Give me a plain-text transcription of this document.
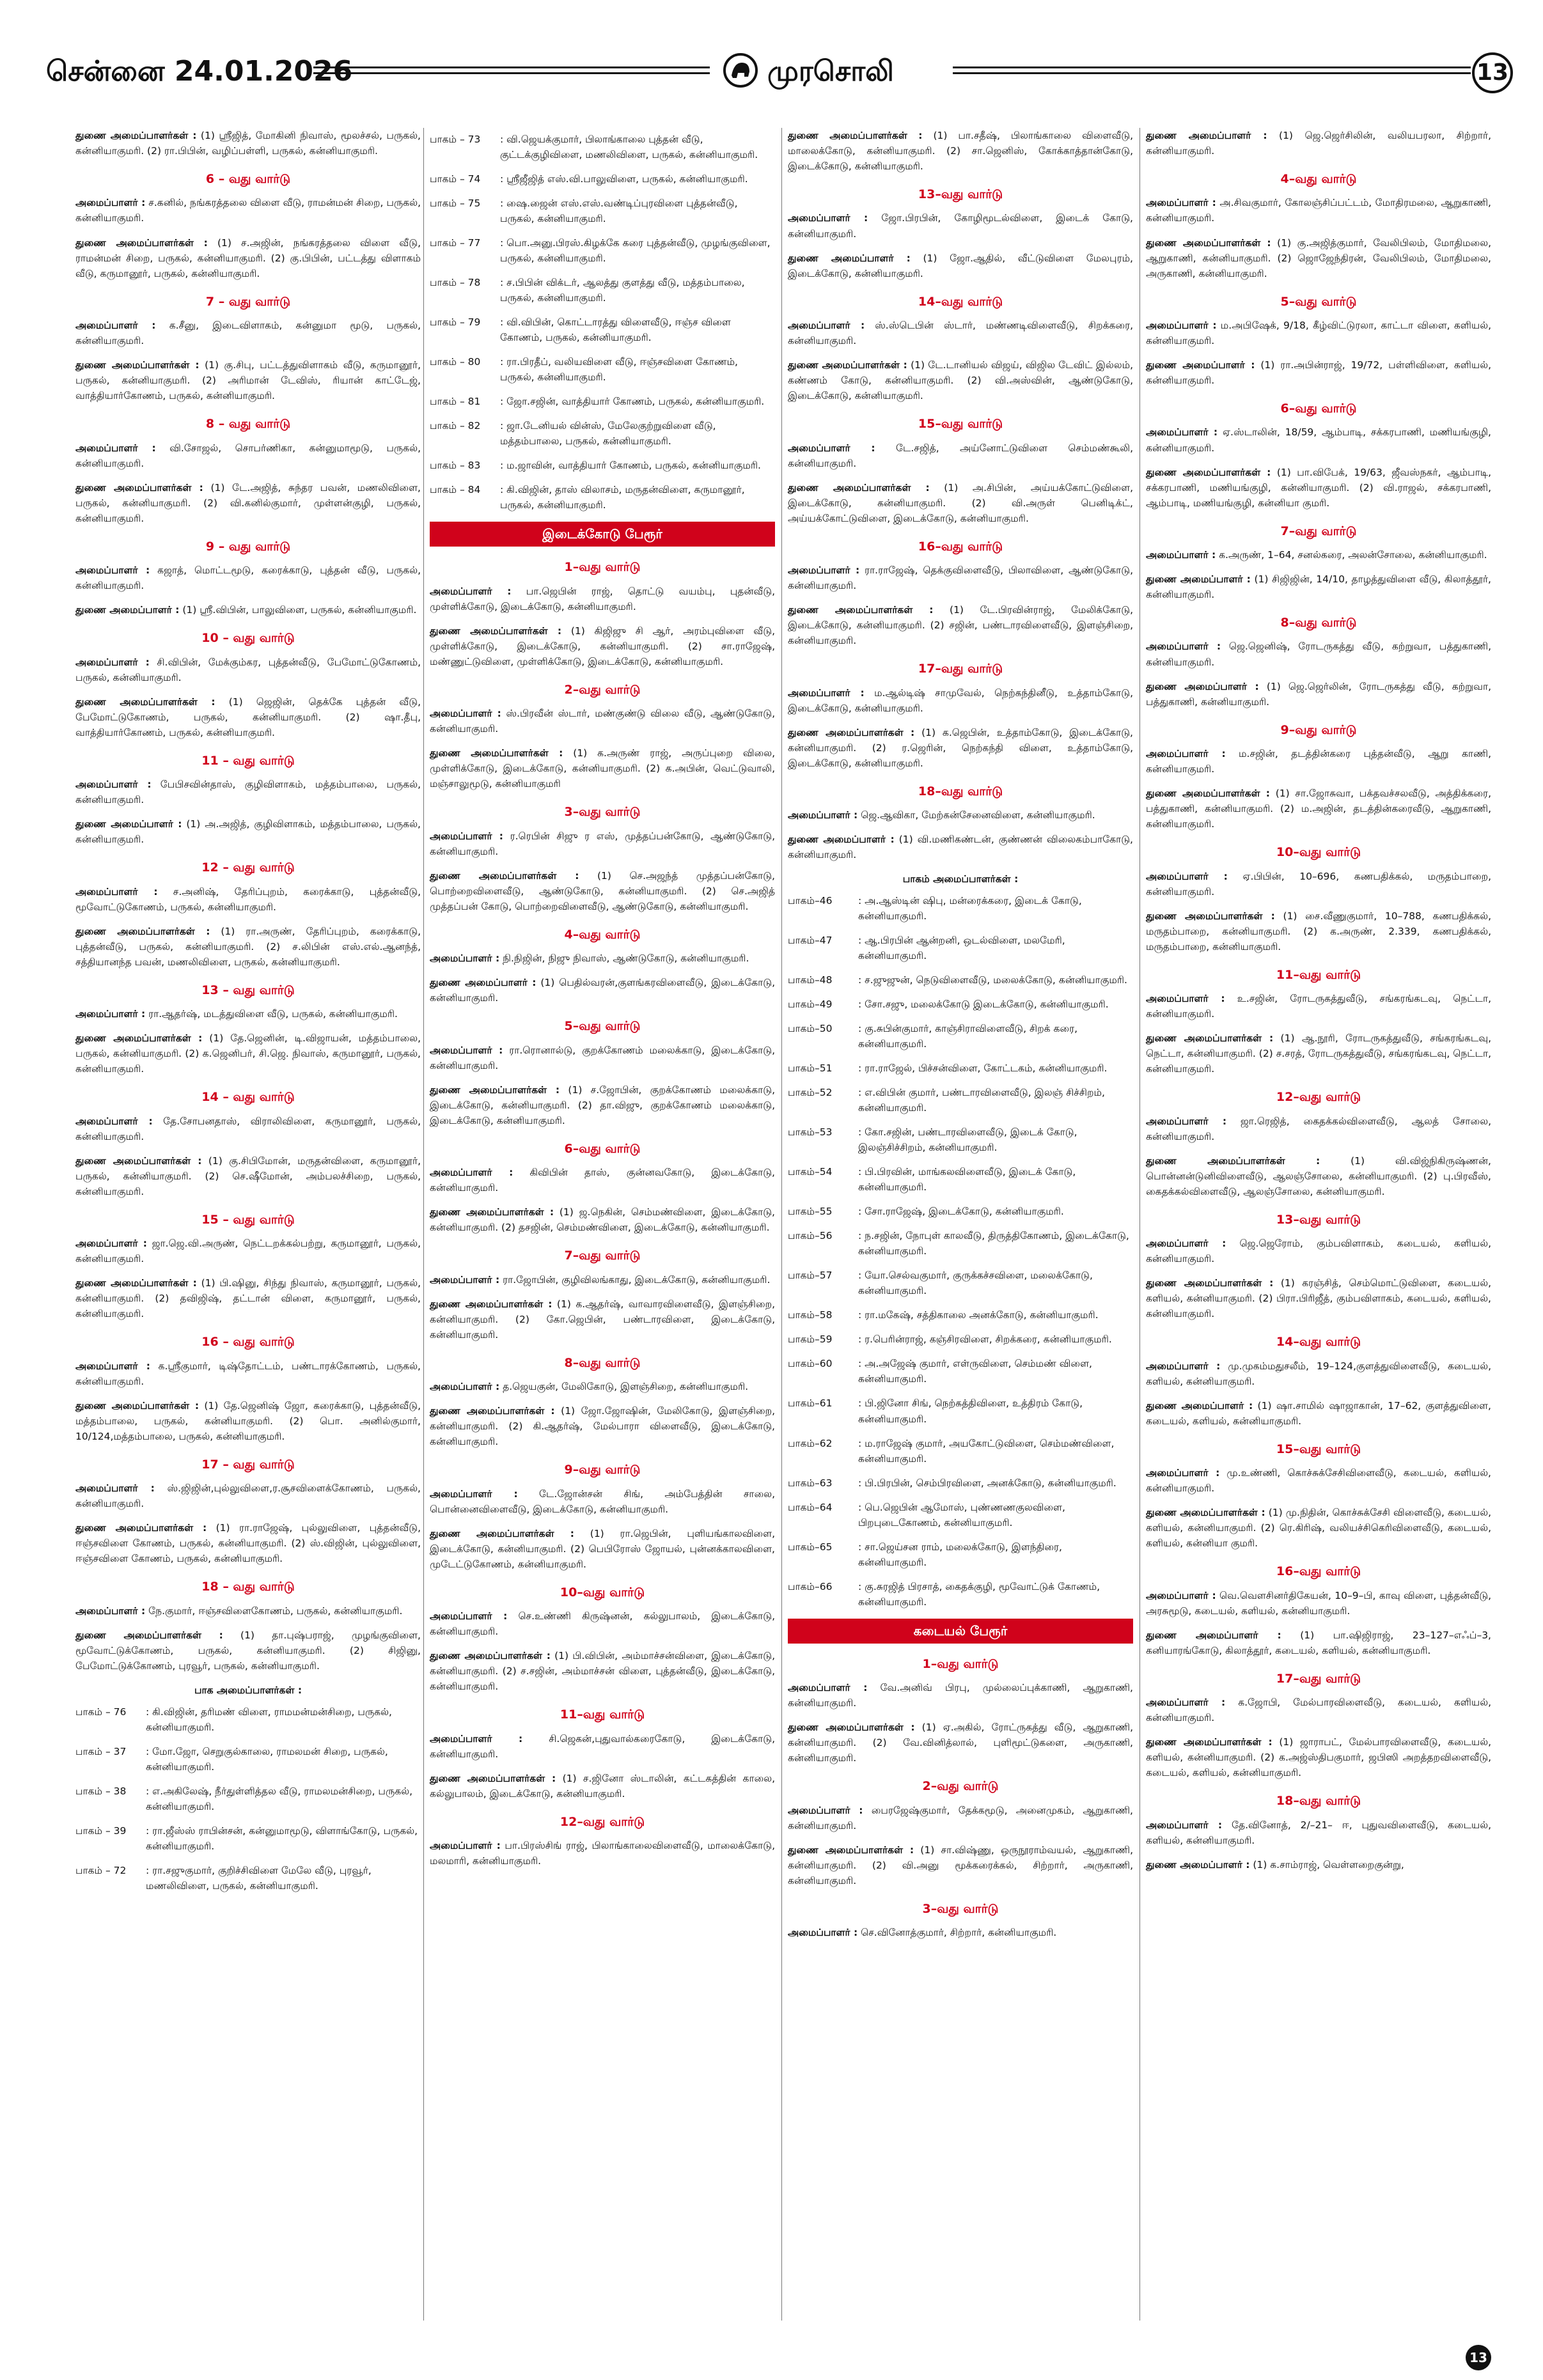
சென்னை 24.01.2026	முரசொலி	13
துணை அமைப்பாளர்கள் : (1) ஸ்ரீஜித், மோகினி நிவாஸ், மூலச்சல், பருகல், கன்னியாகுமரி. (2) ரா.பிபின், வழிப்பள்ளி, பருகல், கன்னியாகுமரி.
6 – வது வார்டு
அமைப்பாளர் : ச.கனில், நங்கரத்தலை விளை வீடு, ராமன்மன் சிறை, பருகல், கன்னியாகுமரி.
துணை அமைப்பாளர்கள் : (1) ச.அஜின், நங்கரத்தலை விளை வீடு, ராமன்மன் சிறை, பருகல், கன்னியாகுமரி. (2) கு.பிபின், பட்டத்து விளாகம் வீடு, கருமானூர், பருகல், கன்னியாகுமரி.
7 – வது வார்டு
அமைப்பாளர் : க.சீனு, இடைவிளாகம், கன்னுமா மூடு, பருகல், கன்னியாகுமரி.
துணை அமைப்பாளர்கள் : (1) கு.சிபு, பட்டத்துவிளாகம் வீடு, கருமானூர், பருகல், கன்னியாகுமரி. (2) அரிமான் டேவிஸ், ரியான் காட்டேஜ், வாத்தியார்கோணம், பருகல், கன்னியாகுமரி.
8 – வது வார்டு
அமைப்பாளர் : வி.சோஜல், சொபர்ணிகா, கன்னுமாமூடு, பருகல், கன்னியாகுமரி.
துணை அமைப்பாளர்கள் : (1) டே.அஜித், சுந்தர பவன், மணலிவிளை, பருகல், கன்னியாகுமரி. (2) வி.கனில்குமார், முள்ளன்குழி, பருகல், கன்னியாகுமரி.
9 – வது வார்டு
அமைப்பாளர் : கஜாத், மொட்டமூடு, கரைக்காடு, புத்தன் வீடு, பருகல், கன்னியாகுமரி.
துணை அமைப்பாளர் : (1) ஸ்ரீ.விபின், பாலுவிளை, பருகல், கன்னியாகுமரி.
10 – வது வார்டு
அமைப்பாளர் : சி.விபின், மேக்கும்கர, புத்தன்வீடு, பேமோட்டுகோணம், பருகல், கன்னியாகுமரி.
துணை அமைப்பாளர்கள் : (1) ஜெஜின், தெக்கே புத்தன் வீடு, பேமோட்டுகோணம், பருகல், கன்னியாகுமரி. (2) ஷா.தீபு, வாத்தியார்கோணம், பருகல், கன்னியாகுமரி.
11 – வது வார்டு
அமைப்பாளர் : பேபிசவின்தாஸ், குழிவிளாகம், மத்தம்பாலை, பருகல், கன்னியாகுமரி.
துணை அமைப்பாளர் : (1) அ.அஜித், குழிவிளாகம், மத்தம்பாலை, பருகல், கன்னியாகுமரி.
12 – வது வார்டு
அமைப்பாளர் : ச.அனிஷ், தேரிப்புறம், கரைக்காடு, புத்தன்வீடு, மூவோட்டுகோணம், பருகல், கன்னியாகுமரி.
துணை அமைப்பாளர்கள் : (1) ரா.அருண், தேரிப்புறம், கரைக்காடு, புத்தன்வீடு, பருகல், கன்னியாகுமரி. (2) ச.லிபின் எஸ்.எல்.ஆனந்த், சத்தியானந்த பவன், மணலிவிளை, பருகல், கன்னியாகுமரி.
13 – வது வார்டு
அமைப்பாளர் : ரா.ஆதர்ஷ், மடத்துவிளை வீடு, பருகல், கன்னியாகுமரி.
துணை அமைப்பாளர்கள் : (1) தே.ஜெனின், டி.விஜாயன், மத்தம்பாலை, பருகல், கன்னியாகுமரி. (2) க.ஜெனிபர், சி.ஜெ. நிவாஸ், கருமானூர், பருகல், கன்னியாகுமரி.
14 – வது வார்டு
அமைப்பாளர் : தே.சோபனதாஸ், விராலிவிளை, கருமானூர், பருகல், கன்னியாகுமரி.
துணை அமைப்பாளர்கள் : (1) கு.சிபிமோன், மருதன்விளை, கருமானூர், பருகல், கன்னியாகுமரி. (2) செ.ஷீமோன், அம்பலச்சிறை, பருகல், கன்னியாகுமரி.
15 – வது வார்டு
அமைப்பாளர் : ஜா.ஜெ.வி.அருண், நெட்டறக்கல்பற்று, கருமானூர், பருகல், கன்னியாகுமரி.
துணை அமைப்பாளர்கள் : (1) பி.ஷினு, சிந்து நிவாஸ், கருமானூர், பருகல், கன்னியாகுமரி. (2) தவிஜிஷ், தட்டான் விளை, கருமானூர், பருகல், கன்னியாகுமரி.
16 – வது வார்டு
அமைப்பாளர் : க.ஸ்ரீகுமார், டிஷ்தோட்டம், பண்டாரக்கோணம், பருகல், கன்னியாகுமரி.
துணை அமைப்பாளர்கள் : (1) தே.ஜெனிஷ் ஜோ, கரைக்காடு, புத்தன்வீடு, மத்தம்பாலை, பருகல், கன்னியாகுமரி. (2) பொ. அனில்குமார், 10/124,மத்தம்பாலை, பருகல், கன்னியாகுமரி.
17 – வது வார்டு
அமைப்பாளர் : ஸ்.ஜிஜின்,புல்லுவிளை,ர.சூசவிளைக்கோணம், பருகல், கன்னியாகுமரி.
துணை அமைப்பாளர்கள் : (1) ரா.ராஜேஷ், புல்லுவிளை, புத்தன்வீடு, ஈஞ்சவிளை கோணம், பருகல், கன்னியாகுமரி. (2) ஸ்.விஜின், புல்லுவிளை, ஈஞ்சவிளை கோணம், பருகல், கன்னியாகுமரி.
18 – வது வார்டு
அமைப்பாளர் : நே.குமார், ஈஞ்சவிளைகோணம், பருகல், கன்னியாகுமரி.
துணை அமைப்பாளர்கள் : (1) தா.புஷ்பராஜ், முழங்குவிளை, மூவோட்டுக்கோணம், பருகல், கன்னியாகுமரி. (2) சிஜினு, பேமோட்டுக்கோணம், புரவூர், பருகல், கன்னியாகுமரி.
பாக அமைப்பாளர்கள் :
பாகம் – 76	: கி.விஜின், தரிமண் விளை, ராமமன்மன்சிறை, பருகல், கன்னியாகுமரி.
பாகம் – 37	: மோ.ஜோ, செறுகுல்காலை, ராமலமன் சிறை, பருகல், கன்னியாகுமரி.
பாகம் – 38	: எ.அகிலேஷ், நீர்துள்ளித்தல வீடு, ராமலமன்சிறை, பருகல், கன்னியாகுமரி.
பாகம் – 39	: ரா.ஜீஸ்ஸ் ராபின்சன், கன்னுமாமூடு, விளாங்கோடு, பருகல், கன்னியாகுமரி.
பாகம் – 72	: ரா.சஜுகுமார், குறிச்சிவிளை மேலே வீடு, புரவூர், மணலிவிளை, பருகல், கன்னியாகுமரி.
பாகம் – 73	: வி.ஜெயக்குமார், பிலாங்காலை புத்தன் வீடு, குட்டக்குழிவிளை, மணலிவிளை, பருகல், கன்னியாகுமரி.
பாகம் – 74	: ஸ்ரீஜீஜித் எஸ்.வி.பாலுவிளை, பருகல், கன்னியாகுமரி.
பாகம் – 75	: ஷை.ஜைன் எஸ்.எஸ்.வண்டிப்புரவிளை புத்தன்வீடு, பருகல், கன்னியாகுமரி.
பாகம் – 77	: பொ.அனு.பிரஸ்.கிழக்கே கரை புத்தன்வீடு, முழங்குவிளை, பருகல், கன்னியாகுமரி.
பாகம் – 78	: ச.பிபின் விக்டர், ஆலத்து குளத்து வீடு, மத்தம்பாலை, பருகல், கன்னியாகுமரி.
பாகம் – 79	: வி.விபின், கொட்டாரத்து விளைவீடு, ஈஞ்ச விளை கோணம், பருகல், கன்னியாகுமரி.
பாகம் – 80	: ரா.பிரதீப், வலியவிளை வீடு, ஈஞ்சவிளை கோணம், பருகல், கன்னியாகுமரி.
பாகம் – 81	: ஜோ.சஜின், வாத்தியார் கோணம், பருகல், கன்னியாகுமரி.
பாகம் – 82	: ஜா.டேனியல் வின்ஸ், மேலேகுற்றுவிளை வீடு, மத்தம்பாலை, பருகல், கன்னியாகுமரி.
பாகம் – 83	: ம.ஜாவின், வாத்தியார் கோணம், பருகல், கன்னியாகுமரி.
பாகம் – 84	: கி.விஜின், தாஸ் விலாசம், மருதன்விளை, கருமானூர், பருகல், கன்னியாகுமரி.
இடைக்கோடு பேரூர்
1–வது வார்டு
அமைப்பாளர் : பா.ஜெபின் ராஜ், தொட்டு வயம்பு, புதன்வீடு, முள்ளிக்கோடு, இடைக்கோடு, கன்னியாகுமரி.
துணை அமைப்பாளர்கள் : (1) கிஜிஜு சி ஆர், அரம்புவிளை வீடு, முள்ளிக்கோடு, இடைக்கோடு, கன்னியாகுமரி. (2) சா.ராஜேஷ், மண்ணுட்டுவிளை, முள்ளிக்கோடு, இடைக்கோடு, கன்னியாகுமரி.
2–வது வார்டு
அமைப்பாளர் : ஸ்.பிரவீன் ஸ்டார், மண்குண்டு விலை வீடு, ஆண்டுகோடு, கன்னியாகுமரி.
துணை அமைப்பாளர்கள் : (1) க.அருண் ராஜ், அருப்புறை விலை, முள்ளிக்கோடு, இடைக்கோடு, கன்னியாகுமரி. (2) க.அபின், வெட்டுவாலி, மஞ்சாலுமூடு, கன்னியாகுமரி
3–வது வார்டு
அமைப்பாளர் : ர.ரெபின் சிஜு ர எஸ், முத்தப்பன்கோடு, ஆண்டுகோடு, கன்னியாகுமரி.
துணை அமைப்பாளர்கள் : (1) செ.அஜந்த் முத்தப்பன்கோடு, பொற்றைவிளைவீடு, ஆண்டுகோடு, கன்னியாகுமரி. (2) செ.அஜித் முத்தப்பன் கோடு, பொற்றைவிளைவீடு, ஆண்டுகோடு, கன்னியாகுமரி.
4–வது வார்டு
அமைப்பாளர் : நி.நிஜின், நிஜு நிவாஸ், ஆண்டுகோடு, கன்னியாகுமரி.
துணை அமைப்பாளர் : (1) பெதில்வரன்,குளங்கரவிளைவீடு, இடைக்கோடு, கன்னியாகுமரி.
5–வது வார்டு
அமைப்பாளர் : ரா.ரொனால்டு, குறக்கோணம் மலைக்காடு, இடைக்கோடு, கன்னியாகுமரி.
துணை அமைப்பாளர்கள் : (1) ச.ஜோபின், குறக்கோணம் மலைக்காடு, இடைக்கோடு, கன்னியாகுமரி. (2) தா.விஜு, குறக்கோணம் மலைக்காடு, இடைக்கோடு, கன்னியாகுமரி.
6–வது வார்டு
அமைப்பாளர் : கிவிபின் தாஸ், குன்னவகோடு, இடைக்கோடு, கன்னியாகுமரி.
துணை அமைப்பாளர்கள் : (1) ஜ.நெகின், செம்மண்விளை, இடைக்கோடு, கன்னியாகுமரி. (2) தசஜின், செம்மண்விளை, இடைக்கோடு, கன்னியாகுமரி.
7–வது வார்டு
அமைப்பாளர் : ரா.ஜோபின், குழிவிலங்காது, இடைக்கோடு, கன்னியாகுமரி.
துணை அமைப்பாளர்கள் : (1) க.ஆதர்ஷ், வாவாரவிளைவீடு, இளஞ்சிறை, கன்னியாகுமரி. (2) கோ.ஜெபின், பண்டாரவிளை, இடைக்கோடு, கன்னியாகுமரி.
8–வது வார்டு
அமைப்பாளர் : த.ஜெயகுன், மேலிகோடு, இளஞ்சிறை, கன்னியாகுமரி.
துணை அமைப்பாளர்கள் : (1) ஜோ.ஜோஷின், மேலிகோடு, இளஞ்சிறை, கன்னியாகுமரி. (2) கி.ஆதர்ஷ், மேல்பாரா விளைவீடு, இடைக்கோடு, கன்னியாகுமரி.
9–வது வார்டு
அமைப்பாளர் : டே.ஜோன்சன் சிங், அம்பேத்தின் சாலை, பொன்னைவிளைவீடு, இடைக்கோடு, கன்னியாகுமரி.
துணை அமைப்பாளர்கள் : (1) ரா.ஜெபின், புளியங்காலவிளை, இடைக்கோடு, கன்னியாகுமரி. (2) பெபிரோஸ் ஜோயல், புன்னக்காலவிளை, முடேட்டுகோணம், கன்னியாகுமரி.
10–வது வார்டு
அமைப்பாளர் : செ.உண்ணி கிருஷ்னன், கல்லுபாலம், இடைக்கோடு, கன்னியாகுமரி.
துணை அமைப்பாளர்கள் : (1) பி.விபின், அம்மாச்சன்விளை, இடைக்கோடு, கன்னியாகுமரி. (2) ச.சஜின், அம்மாச்சன் விளை, புத்தன்வீடு, இடைக்கோடு, கன்னியாகுமரி.
11–வது வார்டு
அமைப்பாளர் : சி.ஜெகன்,புதுவால்கரைகோடு, இடைக்கோடு, கன்னியாகுமரி.
துணை அமைப்பாளர்கள் : (1) ச.ஜினோ ஸ்டாலின், கட்டகத்தின் காலை, கல்லுபாலம், இடைக்கோடு, கன்னியாகுமரி.
12–வது வார்டு
அமைப்பாளர் : பா.பிரஸ்சிங் ராஜ், பிலாங்காலைவிளைவீடு, மாலைக்கோடு, மலமாரி, கன்னியாகுமரி.
துணை அமைப்பாளர்கள் : (1) பா.சதீஷ், பிலாங்காலை விளைவீடு, மாலைக்கோடு, கன்னியாகுமரி. (2) சா.ஜெனிஸ், கோக்காத்தான்கோடு, இடைக்கோடு, கன்னியாகுமரி.
13–வது வார்டு
அமைப்பாளர் : ஜோ.பிரபின், கோழிமூடல்விளை, இடைக் கோடு, கன்னியாகுமரி.
துணை அமைப்பாளர் : (1) ஜோ.ஆதில், வீட்டுவிளை மேலபுரம், இடைக்கோடு, கன்னியாகுமரி.
14–வது வார்டு
அமைப்பாளர் : ஸ்.ஸ்டெபின் ஸ்டார், மண்ணடிவிளைவீடு, சிறக்கரை, கன்னியாகுமரி.
துணை அமைப்பாளர்கள் : (1) டே.டானியல் விஜய், விஜில டேவிட் இல்லம், கண்ணம் கோடு, கன்னியாகுமரி. (2) வி.அஸ்வின், ஆண்டுகோடு, இடைக்கோடு, கன்னியாகுமரி.
15–வது வார்டு
அமைப்பாளர் : டே.சஜித், அய்னோட்டுவிளை செம்மண்கூலி, கன்னியாகுமரி.
துணை அமைப்பாளர்கள் : (1) அ.சிபின், அய்யக்கோட்டுவிளை, இடைக்கோடு, கன்னியாகுமரி. (2) வி.அருள் பெனிடிக்ட், அய்யக்கோட்டுவிளை, இடைக்கோடு, கன்னியாகுமரி.
16–வது வார்டு
அமைப்பாளர் : ரா.ராஜேஷ், தெக்குவிளைவீடு, பிலாவிளை, ஆண்டுகோடு, கன்னியாகுமரி.
துணை அமைப்பாளர்கள் : (1) டே.பிரவின்ராஜ், மேலிக்கோடு, இடைக்கோடு, கன்னியாகுமரி. (2) சஜின், பண்டாரவிளைவீடு, இளஞ்சிறை, கன்னியாகுமரி.
17–வது வார்டு
அமைப்பாளர் : ம.ஆல்டிஷ் சாமுவேல், நெற்கந்தினீடு, உத்தாம்கோடு, இடைக்கோடு, கன்னியாகுமரி.
துணை அமைப்பாளர்கள் : (1) க.ஜெபின், உத்தாம்கோடு, இடைக்கோடு, கன்னியாகுமரி. (2) ர.ஜெரின், நெற்கந்தி விளை, உத்தாம்கோடு, இடைக்கோடு, கன்னியாகுமரி.
18–வது வார்டு
அமைப்பாளர் : ஜெ.ஆவிகா, மேற்கன்சேனைவிளை, கன்னியாகுமரி.
துணை அமைப்பாளர் : (1) வி.மணிகண்டன், குண்ணன் விலைகம்பாகோடு, கன்னியாகுமரி.
பாகம் அமைப்பாளர்கள் :
பாகம்–46	: அ.ஆஸ்டின் ஷிபு, மன்ரைக்கரை, இடைக் கோடு, கன்னியாகுமரி.
பாகம்–47	: ஆ.பிரபின் ஆன்றனி, ஒடல்விளை, மலமேரி, கன்னியாகுமரி.
பாகம்–48	: ச.ஜுஜுன், நெடுவிளைவீடு, மலைக்கோடு, கன்னியாகுமரி.
பாகம்–49	: சோ.சஜு, மலைக்கோடு இடைக்கோடு, கன்னியாகுமரி.
பாகம்–50	: கு.சுபின்குமார், காஞ்சிராவிளைவீடு, சிறக் கரை, கன்னியாகுமரி.
பாகம்–51	: ரா.ராஜேல், பிச்சன்விளை, கோட்டகம், கன்னியாகுமரி.
பாகம்–52	: எ.விபின் குமார், பண்டாரவிளைவீடு, இலஞ் சிச்சிறம், கன்னியாகுமரி.
பாகம்–53	: கோ.சஜின், பண்டாரவிளைவீடு, இடைக் கோடு, இலஞ்சிச்சிறம், கன்னியாகுமரி.
பாகம்–54	: பி.பிரவின், மாங்கலவிளைவீடு, இடைக் கோடு, கன்னியாகுமரி.
பாகம்–55	: சோ.ராஜேஷ், இடைக்கோடு, கன்னியாகுமரி.
பாகம்–56	: ந.சஜின், நோபுள் காலவீடு, திருத்திகோணம், இடைக்கோடு, கன்னியாகுமரி.
பாகம்–57	: யோ.செல்வகுமார், குருக்கச்சவிளை, மலைக்கோடு, கன்னியாகுமரி.
பாகம்–58	: ரா.மகேஷ், சத்திகாலை அனக்கோடு, கன்னியாகுமரி.
பாகம்–59	: ர.பெரின்ராஜ், கஞ்சிரவிளை, சிறக்கரை, கன்னியாகுமரி.
பாகம்–60	: அ.அஜேஷ் குமார், எள்ருவிளை, செம்மண் விளை, கன்னியாகுமரி.
பாகம்–61	: பி.ஜினோ சிங், நெற்கத்திவிளை, உத்திரம் கோடு, கன்னியாகுமரி.
பாகம்–62	: ம.ராஜேஷ் குமார், அயகோட்டுவிளை, செம்மண்விளை, கன்னியாகுமரி.
பாகம்–63	: பி.பிரபின், செம்பிரவிளை, அனக்கோடு, கன்னியாகுமரி.
பாகம்–64	: பெ.ஜெபின் ஆமோஸ், புண்ணணகுலவிளை, பிறபுடைகோணம், கன்னியாகுமரி.
பாகம்–65	: சா.ஜெய்சன ராம், மலைக்கோடு, இளந்திரை, கன்னியாகுமரி.
பாகம்–66	: கு.சுரஜித் பிரசாத், கைதக்குழி, மூவோட்டுக் கோணம், கன்னியாகுமரி.
கடையல் பேரூர்
1–வது வார்டு
அமைப்பாளர் : வே.அனிவ் பிரபு, முல்லைப்புக்காணி, ஆறுகாணி, கன்னியாகுமரி.
துணை அமைப்பாளர்கள் : (1) ஏ.அகில், ரோட்ருகத்து வீடு, ஆறுகாணி, கன்னியாகுமரி. (2) வே.வினித்லால், புளிமூட்டுகளை, அருகாணி, கன்னியாகுமரி.
2–வது வார்டு
அமைப்பாளர் : பைரஜேஷ்குமார், தேக்கமூடு, அனைமுகம், ஆறுகாணி, கன்னியாகுமரி.
துணை அமைப்பாளர்கள் : (1) சா.விஷ்ணு, ஒருநூராம்வயல், ஆறுகாணி, கன்னியாகுமரி. (2) வி.அனு மூக்கரைக்கல், சிற்றார், அருகாணி, கன்னியாகுமரி.
3–வது வார்டு
அமைப்பாளர் : செ.வினோத்குமார், சிற்றார், கன்னியாகுமரி.
துணை அமைப்பாளர் : (1) ஜெ.ஜெர்சிலின், வலியபரலா, சிற்றார், கன்னியாகுமரி.
4–வது வார்டு
அமைப்பாளர் : அ.சிவகுமார், கோலஞ்சிப்பட்டம், மோதிரமலை, ஆறுகாணி, கன்னியாகுமரி.
துணை அமைப்பாளர்கள் : (1) கு.அஜித்குமார், வேலிபிலம், மோதிமலை, ஆறுகாணி, கன்னியாகுமரி. (2) ஜொஜேந்திரன், வேலிபிலம், மோதிமலை, அருகாணி, கன்னியாகுமரி.
5–வது வார்டு
அமைப்பாளர் : ம.அபிஷேக், 9/18, கீழ்விட்டுரலா, காட்டா விளை, களியல், கன்னியாகுமரி.
துணை அமைப்பாளர் : (1) ரா.அபின்ராஜ், 19/72, பள்ளிவிளை, களியல், கன்னியாகுமரி.
6–வது வார்டு
அமைப்பாளர் : ஏ.ஸ்டாலின், 18/59, ஆம்பாடி, சக்கரபாணி, மணியங்குழி, கன்னியாகுமரி.
துணை அமைப்பாளர்கள் : (1) பா.விபேக், 19/63, ஜீவஸ்நகர், ஆம்பாடி, சக்கரபாணி, மணியங்குழி, கன்னியாகுமரி. (2) வி.ராஜல், சக்கரபாணி, ஆம்பாடி, மணியங்குழி, கன்னியா குமரி.
7–வது வார்டு
அமைப்பாளர் : க.அருண், 1–64, சனல்கரை, அலன்சோலை, கன்னியாகுமரி.
துணை அமைப்பாளர் : (1) சிஜிஜின், 14/10, தாழத்துவிளை வீடு, கிலாத்தூர், கன்னியாகுமரி.
8–வது வார்டு
அமைப்பாளர் : ஜெ.ஜெனிஷ், ரோடருகத்து வீடு, கற்றுவா, பத்துகாணி, கன்னியாகுமரி.
துணை அமைப்பாளர் : (1) ஜெ.ஜெர்லின், ரோடருகத்து வீடு, கற்றுவா, பத்துகாணி, கன்னியாகுமரி.
9–வது வார்டு
அமைப்பாளர் : ம.சஜின், தடத்தின்கரை புத்தன்வீடு, ஆறு காணி, கன்னியாகுமரி.
துணை அமைப்பாளர்கள் : (1) சா.ஜோசுவா, பக்தவச்சலவீடு, அத்திக்கரை, பத்துகாணி, கன்னியாகுமரி. (2) ம.அஜின், தடத்தின்கரைவீடு, ஆறுகாணி, கன்னியாகுமரி.
10–வது வார்டு
அமைப்பாளர் : ஏ.பிபின், 10–696, கணபதிக்கல், மருதம்பாறை, கன்னியாகுமரி.
துணை அமைப்பாளர்கள் : (1) சை.வீணுகுமார், 10–788, கணபதிக்கல், மருதம்பாறை, கன்னியாகுமரி. (2) க.அருண், 2.339, கணபதிக்கல், மருதம்பாறை, கன்னியாகுமரி.
11–வது வார்டு
அமைப்பாளர் : உ.சஜின், ரோடருகத்துவீடு, சங்கரங்கடவு, நெட்டா, கன்னியாகுமரி.
துணை அமைப்பாளர்கள் : (1) ஆ.நூரி, ரோடருகத்துவீடு, சங்கரங்கடவு, நெட்டா, கன்னியாகுமரி. (2) ச.சரத், ரோடருகத்துவீடு, சங்கரங்கடவு, நெட்டா, கன்னியாகுமரி.
12–வது வார்டு
அமைப்பாளர் : ஜா.ரெஜித், கைதக்கல்விளைவீடு, ஆலத் சோலை, கன்னியாகுமரி.
துணை அமைப்பாளர்கள் : (1) வி.விஜ்நிகிருஷ்ணன், பொன்னன்டுனிவிளைவீடு, ஆலஞ்சோலை, கன்னியாகுமரி. (2) பு.பிரவீஸ், கைதக்கல்விளைவீடு, ஆலஞ்சோலை, கன்னியாகுமரி.
13–வது வார்டு
அமைப்பாளர் : ஜெ.ஜெரோம், கும்பவிளாகம், கடையல், களியல், கன்னியாகுமரி.
துணை அமைப்பாளர்கள் : (1) கரஞ்சித், செம்மொட்டுவிளை, கடையல், களியல், கன்னியாகுமரி. (2) பிரா.பிரிஜீத், கும்பவிளாகம், கடையல், களியல், கன்னியாகுமரி.
14–வது வார்டு
அமைப்பாளர் : மு.முகம்மதுசலீம், 19–124,குளத்துவிளைவீடு, கடையல், களியல், கன்னியாகுமரி.
துணை அமைப்பாளர் : (1) ஷா.சாமில் ஷாஜாகான், 17–62, குளத்துவிளை, கடையல், களியல், கன்னியாகுமரி.
15–வது வார்டு
அமைப்பாளர் : மு.உண்ணி, கொச்சுக்சேசிவிளைவீடு, கடையல், களியல், கன்னியாகுமரி.
துணை அமைப்பாளர்கள் : (1) மு.நிதின், கொச்சுக்சேசி விளைவீடு, கடையல், களியல், கன்னியாகுமரி. (2) ரெ.கிரிஷ், வலியச்சிகெரிவிளைவீடு, கடையல், களியல், கன்னியா குமரி.
16–வது வார்டு
அமைப்பாளர் : வெ.வெளசினர்திகேயன், 10–9–பி, காவு விளை, புத்தன்வீடு, அரசுமூடு, கடையல், களியல், கன்னியாகுமரி.
துணை அமைப்பாளர் : (1) பா.ஷிஜிராஜ், 23–127–எஃப்–3, கனியாரங்கோடு, கிலாத்தூர், கடையல், களியல், கன்னியாகுமரி.
17–வது வார்டு
அமைப்பாளர் : க.ஜோபி, மேல்பாரவிளைவீடு, கடையல், களியல், கன்னியாகுமரி.
துணை அமைப்பாளர்கள் : (1) ஜாராபட், மேல்பாரவிளைவீடு, கடையல், களியல், கன்னியாகுமரி. (2) க.அஜ்ஸ்திபகுமார், ஜபிஸி அறத்தறவிளைவீடு, கடையல், களியல், கன்னியாகுமரி.
18–வது வார்டு
அமைப்பாளர் : தே.வினோத், 2/–21– ஈ, புதுவவிளைவீடு, கடையல், களியல், கன்னியாகுமரி.
துணை அமைப்பாளர் : (1) க.சாம்ராஜ், வெள்ளறைகுன்று,
13
